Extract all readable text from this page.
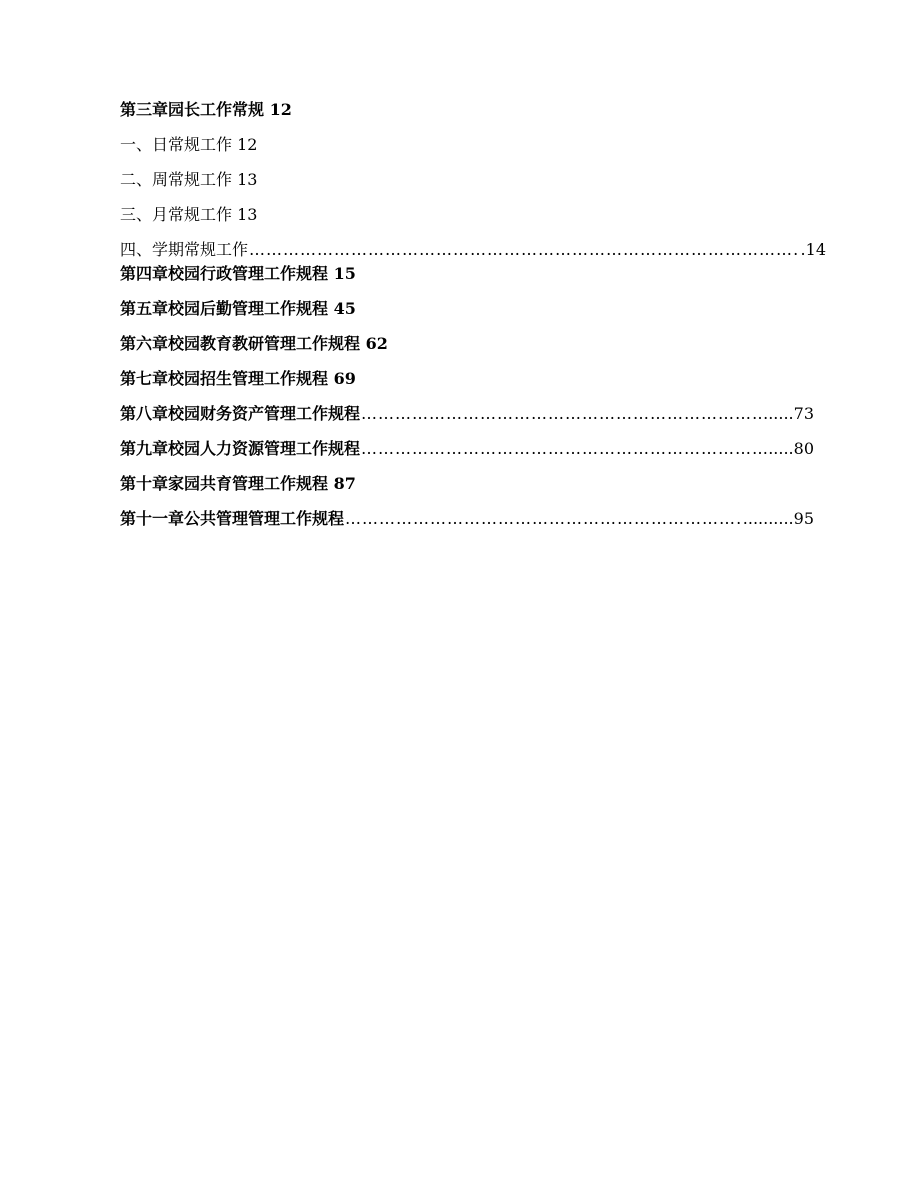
第三章园长工作常规 12
一、日常规工作 12
二、周常规工作 13
三、月常规工作 13
四、学期常规工作 …………………………………………………………………………………………………………………………………………………………………………	.14
第四章校园行政管理工作规程 15
第五章校园后勤管理工作规程 45
第六章校园教育教研管理工作规程 62
第七章校园招生管理工作规程 69
第八章校园财务资产管理工作规程 …………………………………………………………………………………………………………………………………………………………………………	......73
第九章校园人力资源管理工作规程 …………………………………………………………………………………………………………………………………………………………………………	.....80
第十章家园共育管理工作规程 87
第十一章公共管理管理工作规程 …………………………………………………………………………………………………………………………………………………………………………	..........95
